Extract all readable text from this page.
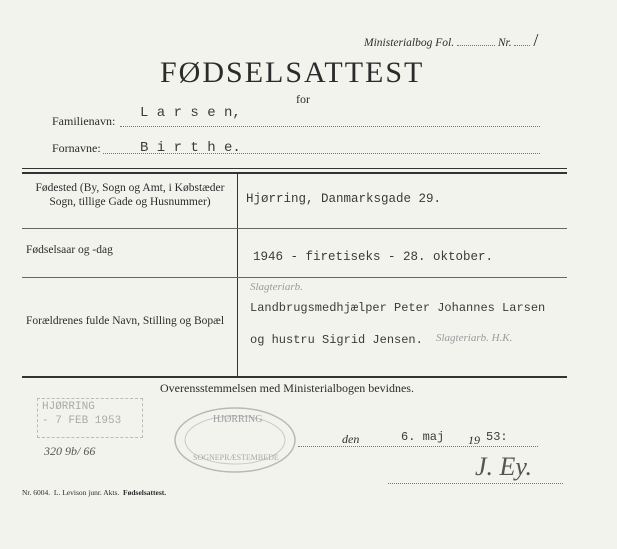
Ministerialbog Fol.	Nr. /
FØDSELSATTEST
for
Familienavn: L a r s e n,
Fornavne:	B i r t h e.
Fødested (By, Sogn og Amt, i Købstæder Sogn, tillige Gade og Husnummer)	Hjørring, Danmarksgade 29.
Fødselsaar og -dag	1946 - firetiseks - 28. oktober.
Forældrenes fulde Navn, Stilling og Bopæl
Slagteriarb.
Landbrugsmedhjælper Peter Johannes Larsen
og hustru Sigrid Jensen. Slagteriarb. H.K.
Overensstemmelsen med Ministerialbogen bevidnes.
HJØRRING
- 7 FEB 1953
320 9b/ 66
HJØRRING
SOGNEPRÆSTEMBEDE
den	6. maj 19 53:
J. Ey.
Nr. 6004. L. Levison junr. Akts. Fødselsattest.
